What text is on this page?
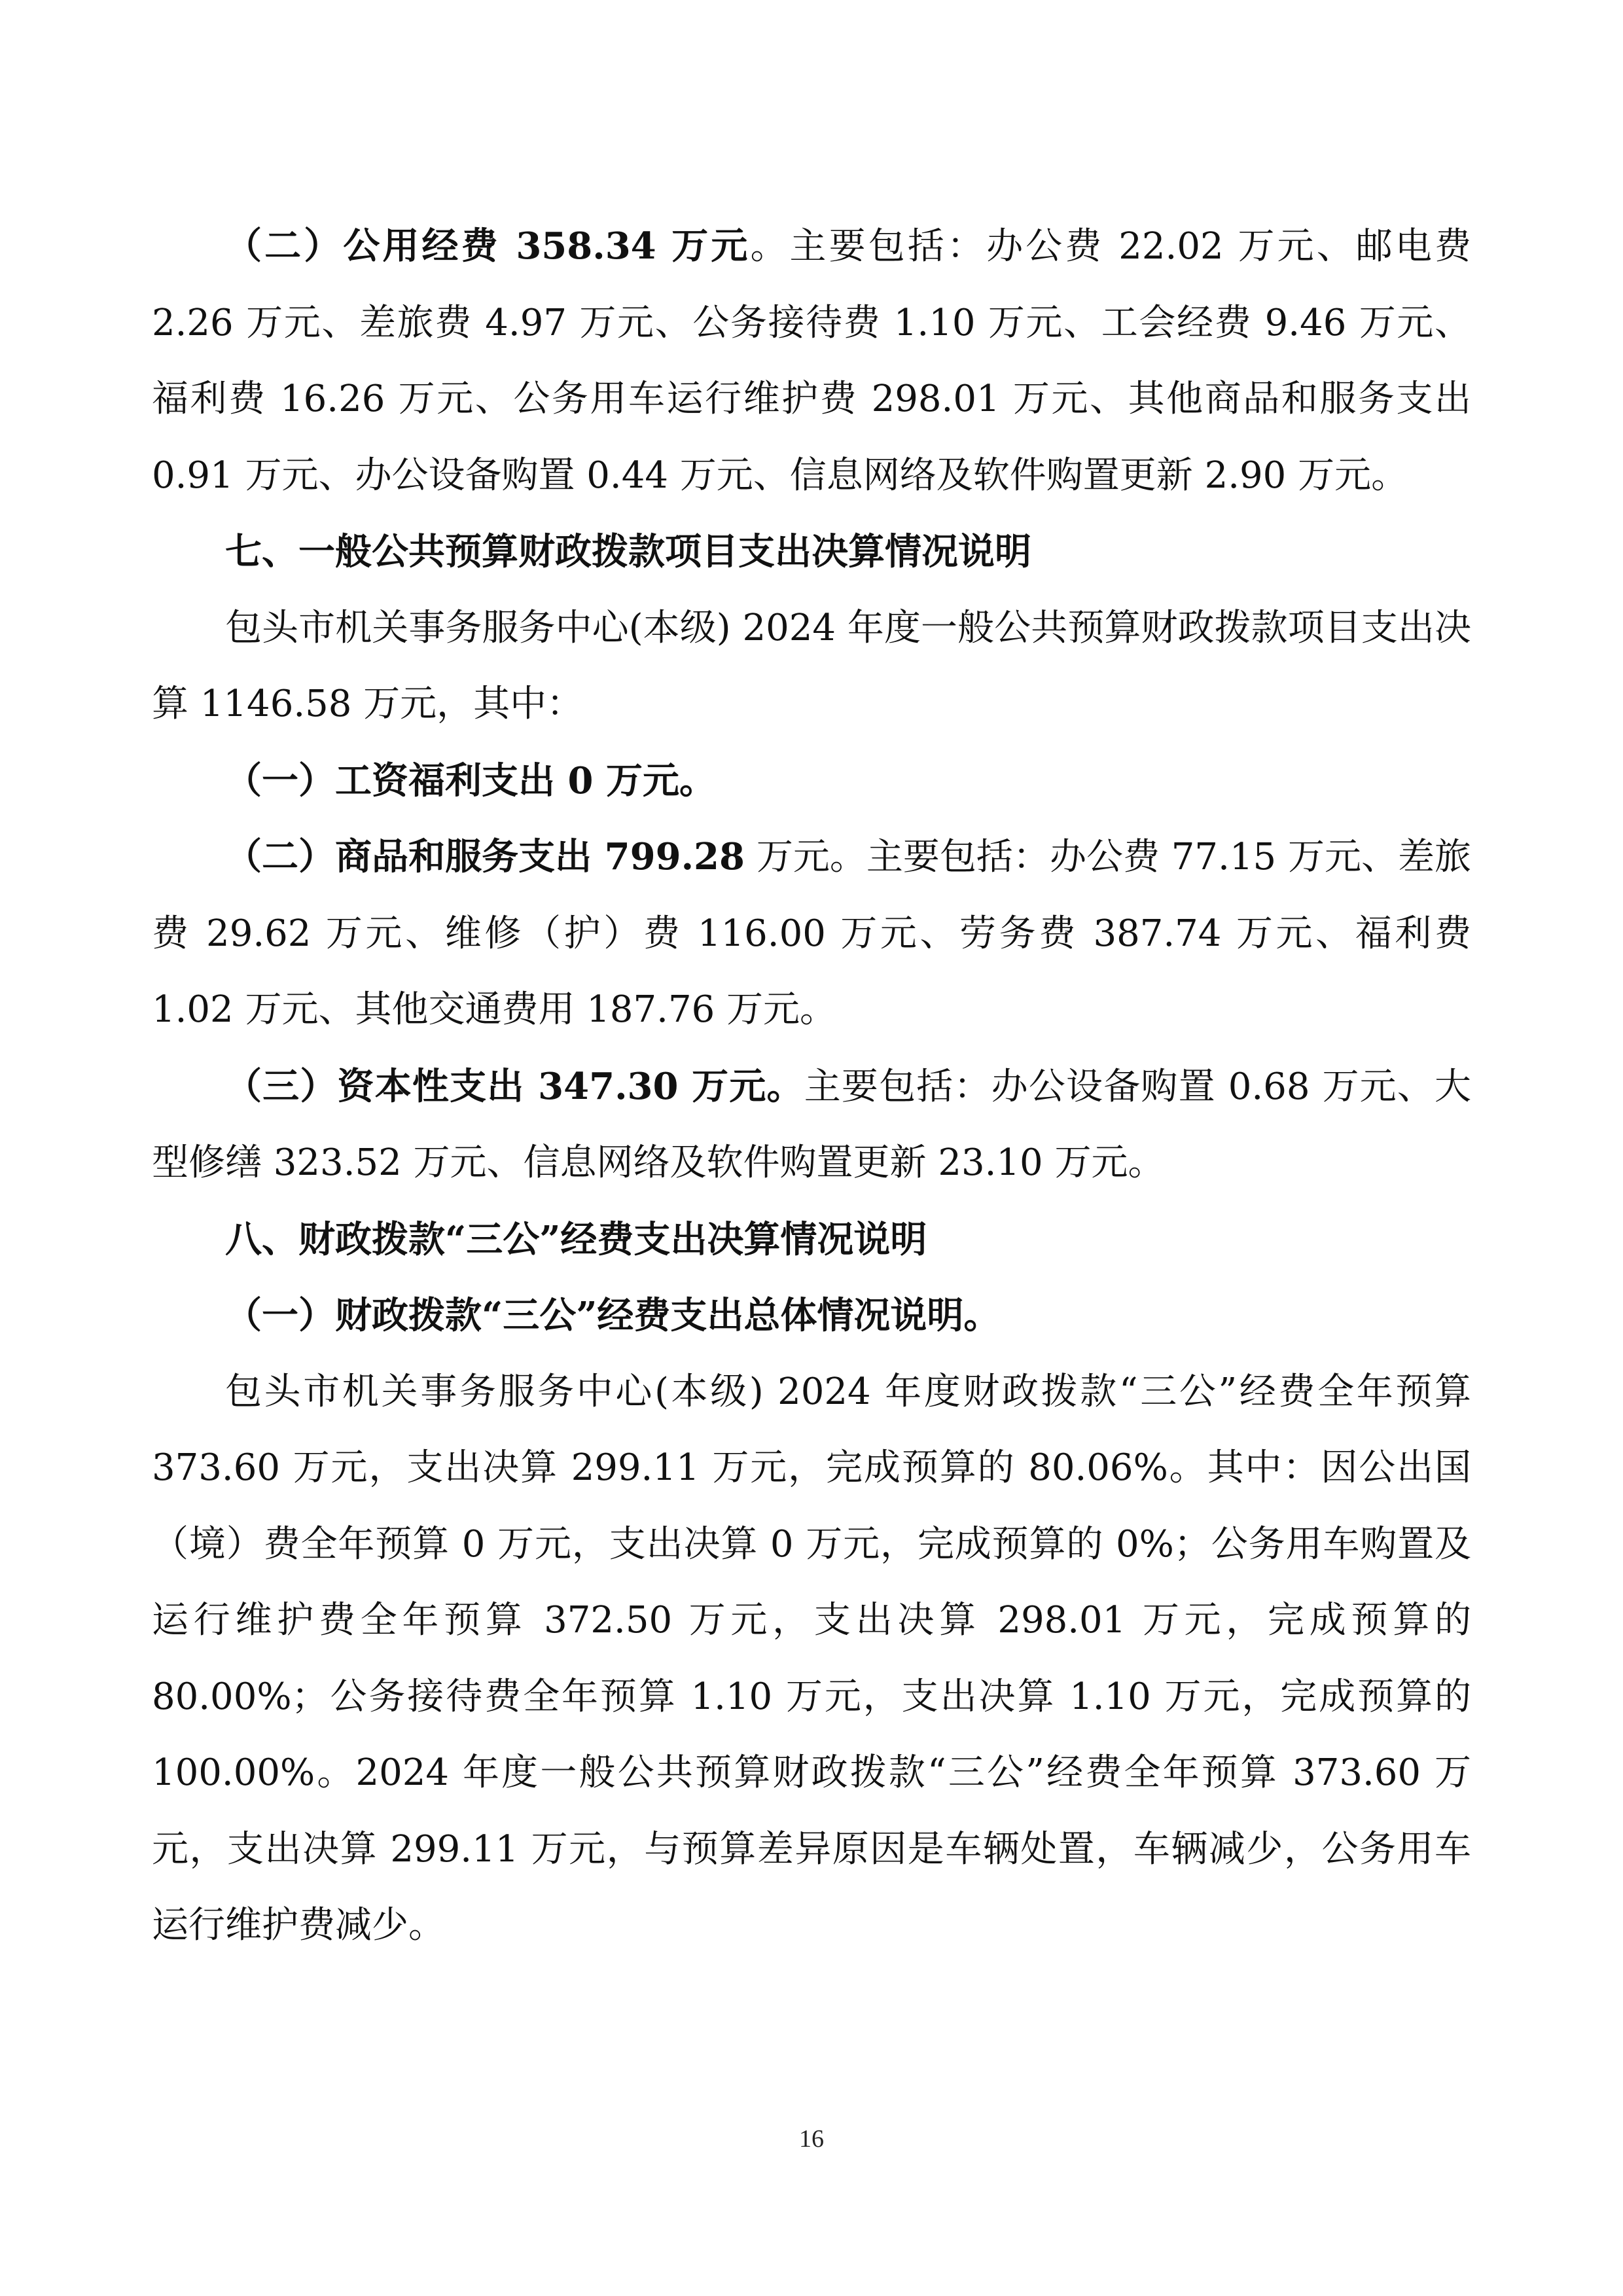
（二）公用经费 358.34 万元。主要包括：办公费 22.02 万元、邮电费 2.26 万元、差旅费 4.97 万元、公务接待费 1.10 万元、工会经费 9.46 万元、福利费 16.26 万元、公务用车运行维护费 298.01 万元、其他商品和服务支出 0.91 万元、办公设备购置 0.44 万元、信息网络及软件购置更新 2.90 万元。

七、一般公共预算财政拨款项目支出决算情况说明

包头市机关事务服务中心(本级) 2024 年度一般公共预算财政拨款项目支出决算 1146.58 万元，其中：

（一）工资福利支出 0 万元。

（二）商品和服务支出 799.28 万元。主要包括：办公费 77.15 万元、差旅费 29.62 万元、维修（护）费 116.00 万元、劳务费 387.74 万元、福利费 1.02 万元、其他交通费用 187.76 万元。

（三）资本性支出 347.30 万元。主要包括：办公设备购置 0.68 万元、大型修缮 323.52 万元、信息网络及软件购置更新 23.10 万元。

八、财政拨款“三公”经费支出决算情况说明

（一）财政拨款“三公”经费支出总体情况说明。

包头市机关事务服务中心(本级) 2024 年度财政拨款“三公”经费全年预算 373.60 万元，支出决算 299.11 万元，完成预算的 80.06%。其中：因公出国（境）费全年预算 0 万元，支出决算 0 万元，完成预算的 0%；公务用车购置及运行维护费全年预算 372.50 万元，支出决算 298.01 万元，完成预算的 80.00%；公务接待费全年预算 1.10 万元，支出决算 1.10 万元，完成预算的 100.00%。2024 年度一般公共预算财政拨款“三公”经费全年预算 373.60 万元，支出决算 299.11 万元，与预算差异原因是车辆处置，车辆减少，公务用车运行维护费减少。

16
